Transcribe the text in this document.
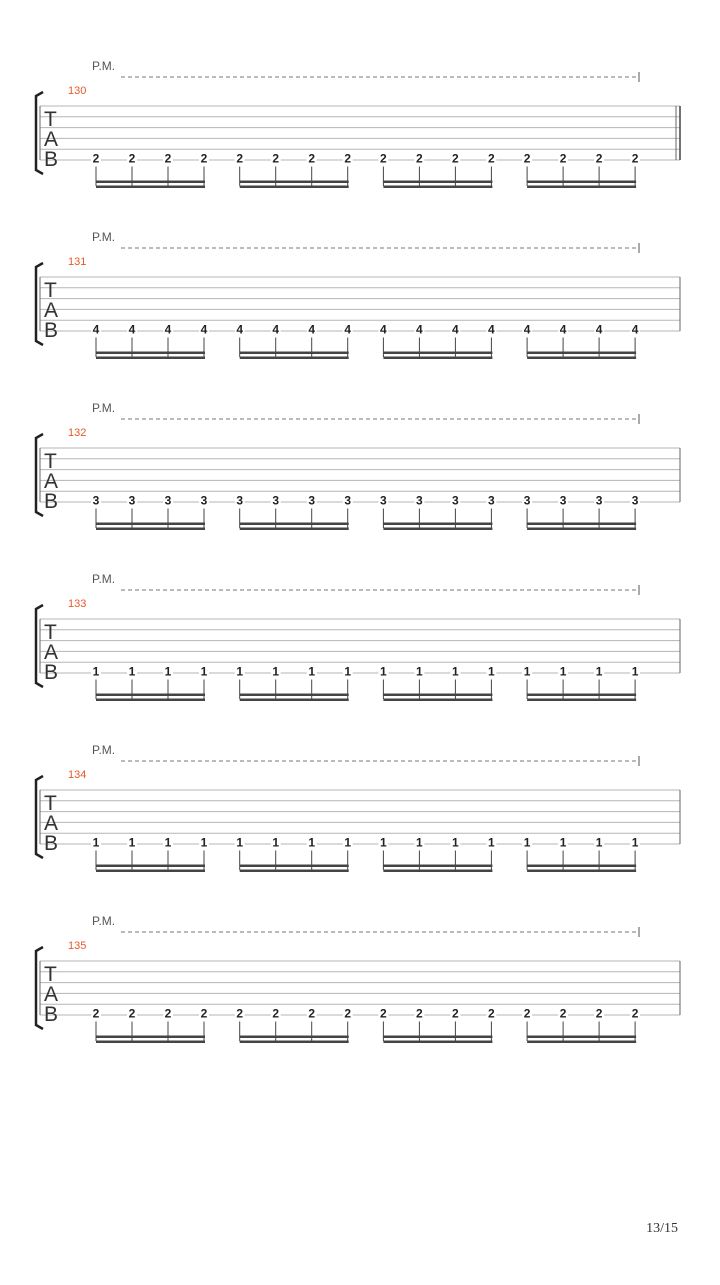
P.M.
130
T
A
B	2 2 2 2 2 2 2 2 2 2 2 2 2 2 2 2
P.M.
131
T
A
B	4 4 4 4 4 4 4 4 4 4 4 4 4 4 4 4
P.M.
132
T
A
B	3 3 3 3 3 3 3 3 3 3 3 3 3 3 3 3
P.M.
133
T
A
B	1 1 1 1 1 1 1 1 1 1 1 1 1 1 1 1
P.M.
134
T
A
B	1 1 1 1 1 1 1 1 1 1 1 1 1 1 1 1
P.M.
135
T
A
B	2 2 2 2 2 2 2 2 2 2 2 2 2 2 2 2
13/15
